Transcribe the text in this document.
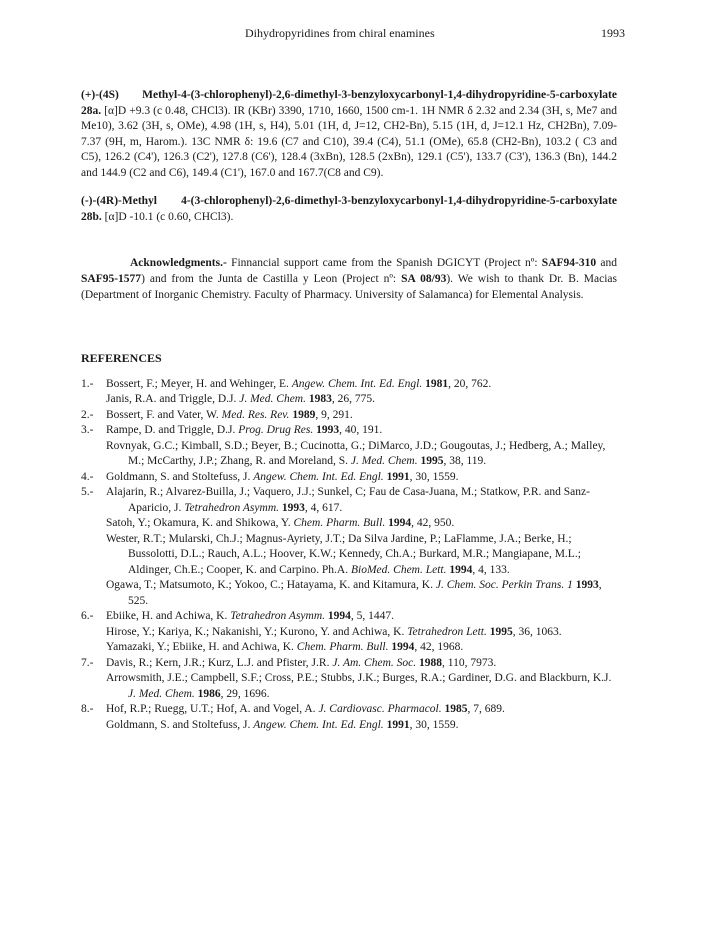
Dihydropyridines from chiral enamines	1993

(+)-(4S) Methyl-4-(3-chlorophenyl)-2,6-dimethyl-3-benzyloxycarbonyl-1,4-dihydropyridine-5-carboxylate 28a. [α]D +9.3 (c 0.48, CHCl3). IR (KBr) 3390, 1710, 1660, 1500 cm-1. 1H NMR δ 2.32 and 2.34 (3H, s, Me7 and Me10), 3.62 (3H, s, OMe), 4.98 (1H, s, H4), 5.01 (1H, d, J=12, CH2-Bn), 5.15 (1H, d, J=12.1 Hz, CH2Bn), 7.09-7.37 (9H, m, Harom.). 13C NMR δ: 19.6 (C7 and C10), 39.4 (C4), 51.1 (OMe), 65.8 (CH2-Bn), 103.2 ( C3 and C5), 126.2 (C4'), 126.3 (C2'), 127.8 (C6'), 128.4 (3xBn), 128.5 (2xBn), 129.1 (C5'), 133.7 (C3'), 136.3 (Bn), 144.2 and 144.9 (C2 and C6), 149.4 (C1'), 167.0 and 167.7(C8 and C9).

(-)-(4R)-Methyl 4-(3-chlorophenyl)-2,6-dimethyl-3-benzyloxycarbonyl-1,4-dihydropyridine-5-carboxylate 28b. [α]D -10.1 (c 0.60, CHCl3).

Acknowledgments.- Finnancial support came from the Spanish DGICYT (Project nº: SAF94-310 and SAF95-1577) and from the Junta de Castilla y Leon (Project nº: SA 08/93). We wish to thank Dr. B. Macias (Department of Inorganic Chemistry. Faculty of Pharmacy. University of Salamanca) for Elemental Analysis.

REFERENCES
1.- Bossert, F.; Meyer, H. and Wehinger, E. Angew. Chem. Int. Ed. Engl. 1981, 20, 762.
Janis, R.A. and Triggle, D.J. J. Med. Chem. 1983, 26, 775.
2.- Bossert, F. and Vater, W. Med. Res. Rev. 1989, 9, 291.
3.- Rampe, D. and Triggle, D.J. Prog. Drug Res. 1993, 40, 191.
Rovnyak, G.C.; Kimball, S.D.; Beyer, B.; Cucinotta, G.; DiMarco, J.D.; Gougoutas, J.; Hedberg, A.; Malley, M.; McCarthy, J.P.; Zhang, R. and Moreland, S. J. Med. Chem. 1995, 38, 119.
4.- Goldmann, S. and Stoltefuss, J. Angew. Chem. Int. Ed. Engl. 1991, 30, 1559.
5.- Alajarin, R.; Alvarez-Builla, J.; Vaquero, J.J.; Sunkel, C; Fau de Casa-Juana, M.; Statkow, P.R. and Sanz-Aparicio, J. Tetrahedron Asymm. 1993, 4, 617.
Satoh, Y.; Okamura, K. and Shikowa, Y. Chem. Pharm. Bull. 1994, 42, 950.
Wester, R.T.; Mularski, Ch.J.; Magnus-Ayriety, J.T.; Da Silva Jardine, P.; LaFlamme, J.A.; Berke, H.; Bussolotti, D.L.; Rauch, A.L.; Hoover, K.W.; Kennedy, Ch.A.; Burkard, M.R.; Mangiapane, M.L.; Aldinger, Ch.E.; Cooper, K. and Carpino. Ph.A. BioMed. Chem. Lett. 1994, 4, 133.
Ogawa, T.; Matsumoto, K.; Yokoo, C.; Hatayama, K. and Kitamura, K. J. Chem. Soc. Perkin Trans. 1 1993, 525.
6.- Ebiike, H. and Achiwa, K. Tetrahedron Asymm. 1994, 5, 1447.
Hirose, Y.; Kariya, K.; Nakanishi, Y.; Kurono, Y. and Achiwa, K. Tetrahedron Lett. 1995, 36, 1063.
Yamazaki, Y.; Ebiike, H. and Achiwa, K. Chem. Pharm. Bull. 1994, 42, 1968.
7.- Davis, R.; Kern, J.R.; Kurz, L.J. and Pfister, J.R. J. Am. Chem. Soc. 1988, 110, 7973.
Arrowsmith, J.E.; Campbell, S.F.; Cross, P.E.; Stubbs, J.K.; Burges, R.A.; Gardiner, D.G. and Blackburn, K.J. J. Med. Chem. 1986, 29, 1696.
8.- Hof, R.P.; Ruegg, U.T.; Hof, A. and Vogel, A. J. Cardiovasc. Pharmacol. 1985, 7, 689.
Goldmann, S. and Stoltefuss, J. Angew. Chem. Int. Ed. Engl. 1991, 30, 1559.
